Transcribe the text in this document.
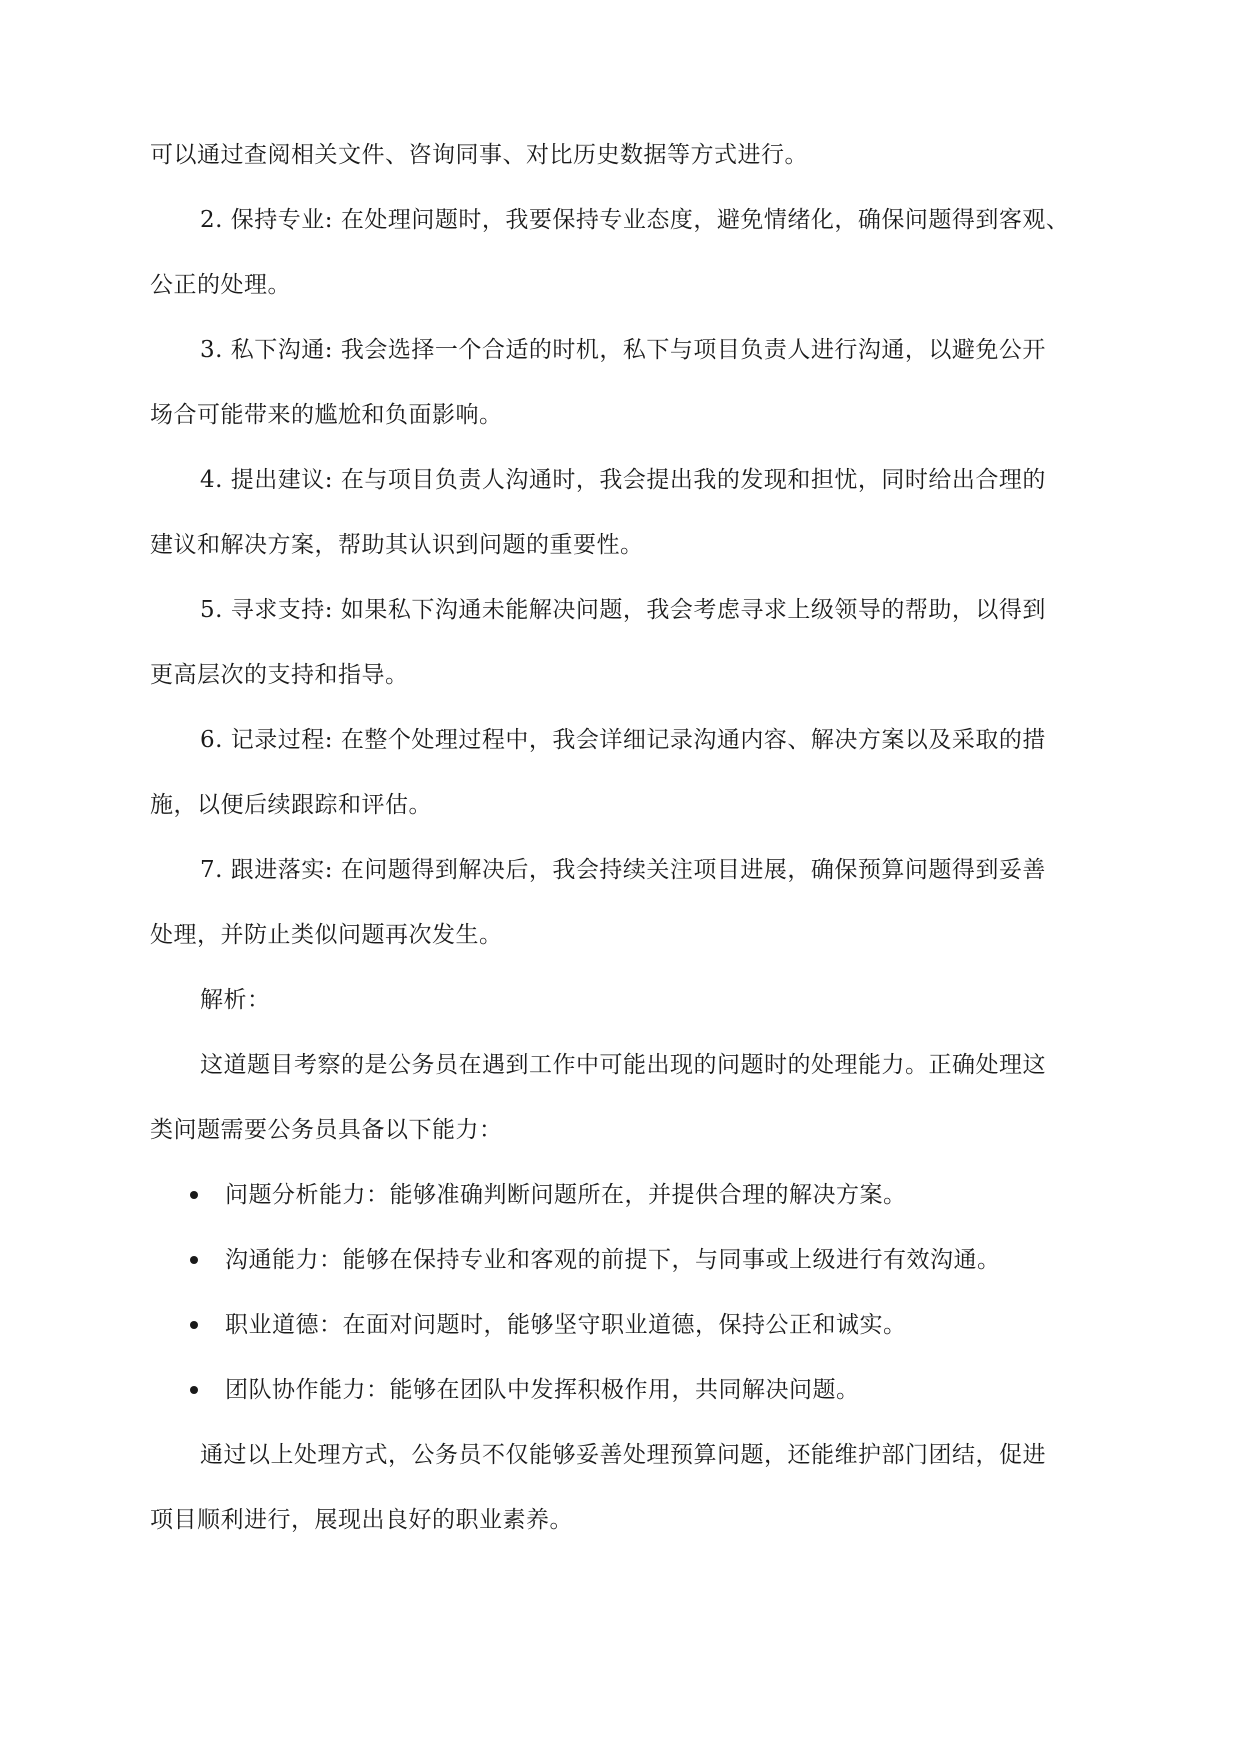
可以通过查阅相关文件、咨询同事、对比历史数据等方式进行。
2. 保持专业: 在处理问题时，我要保持专业态度，避免情绪化，确保问题得到客观、
公正的处理。
3. 私下沟通: 我会选择一个合适的时机，私下与项目负责人进行沟通，以避免公开
场合可能带来的尴尬和负面影响。
4. 提出建议: 在与项目负责人沟通时，我会提出我的发现和担忧，同时给出合理的
建议和解决方案，帮助其认识到问题的重要性。
5. 寻求支持: 如果私下沟通未能解决问题，我会考虑寻求上级领导的帮助，以得到
更高层次的支持和指导。
6. 记录过程: 在整个处理过程中，我会详细记录沟通内容、解决方案以及采取的措
施，以便后续跟踪和评估。
7. 跟进落实: 在问题得到解决后，我会持续关注项目进展，确保预算问题得到妥善
处理，并防止类似问题再次发生。
解析：
这道题目考察的是公务员在遇到工作中可能出现的问题时的处理能力。正确处理这
类问题需要公务员具备以下能力：
问题分析能力：能够准确判断问题所在，并提供合理的解决方案。
沟通能力：能够在保持专业和客观的前提下，与同事或上级进行有效沟通。
职业道德：在面对问题时，能够坚守职业道德，保持公正和诚实。
团队协作能力：能够在团队中发挥积极作用，共同解决问题。
通过以上处理方式，公务员不仅能够妥善处理预算问题，还能维护部门团结，促进
项目顺利进行，展现出良好的职业素养。
